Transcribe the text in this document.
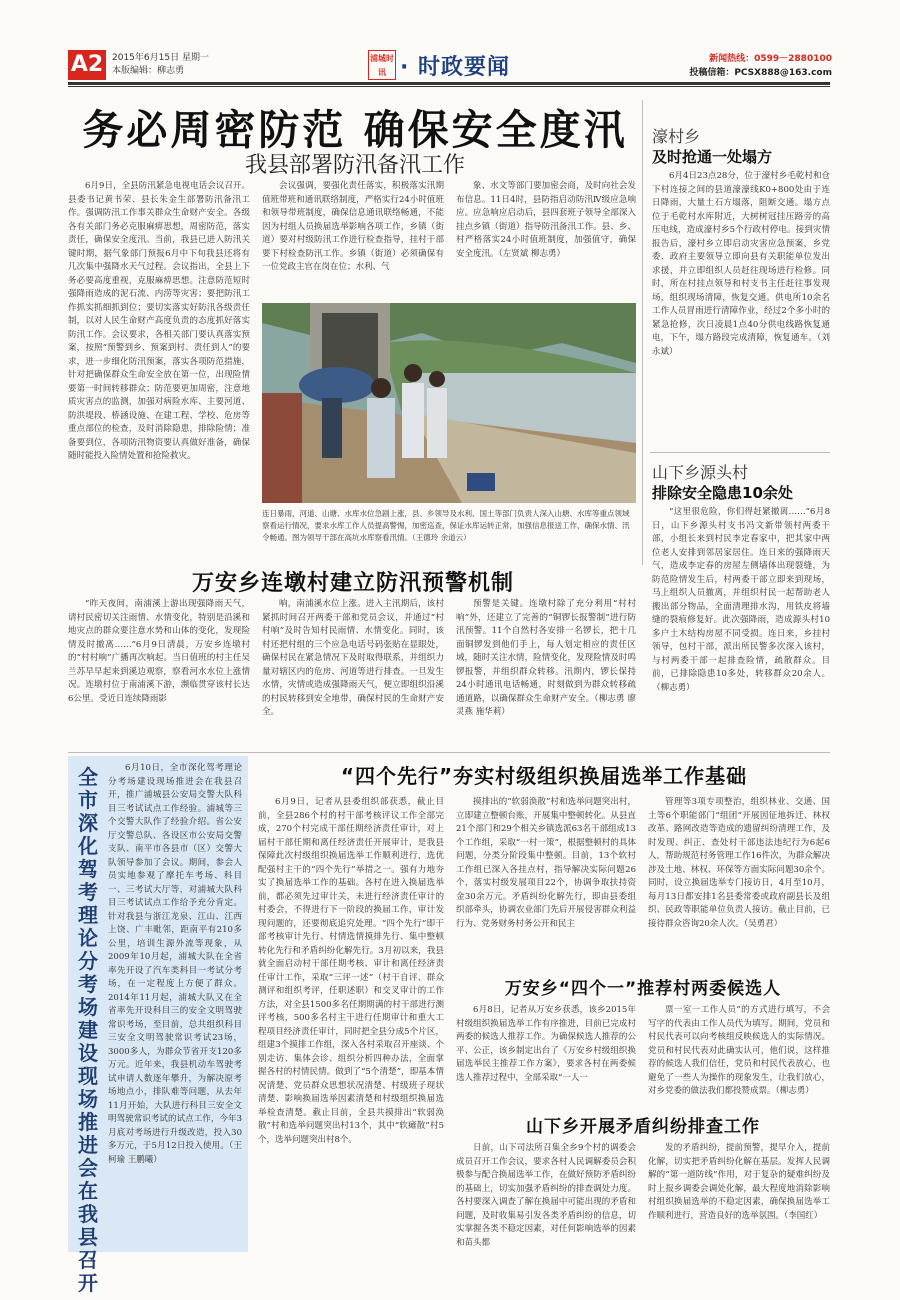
A2 2015年6月15日 星期一
本版编辑：柳志勇
浦城时讯 · 时政要闻	新闻热线：0599－2880100
投稿信箱：PCSX888@163.com
务必周密防范 确保安全度汛
我县部署防汛备汛工作
6月9日，全县防汛紧急电视电话会议召开。县委书记黄书荣、县长朱金生部署防汛备汛工作。强调防汛工作事关群众生命财产安全。各级各有关部门务必克服麻痹思想，周密防范，落实责任，确保安全度汛。当前，我县已进入防汛关键时期，据气象部门预报6月中下旬我县还将有几次集中强降水天气过程。会议指出，全县上下务必要高度重视，克服麻痹思想。注意防范短时强降雨造成的泥石流、内涝等灾害；要把防汛工作抓实抓细抓到位；要切实落实好防汛各级责任制，以对人民生命财产高度负责的态度抓好落实防汛工作。会议要求，各相关部门要认真落实预案，按照“预警到乡、预案到村、责任到人”的要求，进一步细化防汛预案，落实各项防范措施，针对把确保群众生命安全放在第一位，出现险情要第一时间转移群众；防范要更加周密，注意地质灾害点的监测，加强对病险水库、主要河道、防洪堤段、桥涵设施、在建工程、学校、危房等重点部位的检查，及时消除隐患，排除险情；准备要到位，各项防汛物资要认真做好准备，确保随时能投入险情处置和抢险救灾。
会议强调，要强化责任落实，积极落实汛期值班带班和通讯联络制度，严格实行24小时值班和领导带班制度，确保信息通讯联络畅通，不能因为村组人员换届选举影响各项工作，乡镇（街道）要对村级防汛工作进行检查指导，挂村干部要下村检查防汛工作。乡镇（街道）必须确保有一位党政主官在岗在位；水利、气
象、水文等部门要加密会商，及时向社会发布信息。11日4时，县防指启动防汛Ⅳ级应急响应。应急响应启动后，县四套班子领导全部深入挂点乡镇（街道）指导防汛备汛工作。县、乡、村严格落实24小时值班制度，加强值守，确保安全度汛。（左贤斌 柳志勇）
连日暴雨，河道、山塘、水库水位急剧上涨，县、乡领导及水利、国土等部门负责人深入山塘、水库等重点领域察看运行情况，要求水库工作人员提高警惕，加密巡查，保证水库运转正常，加强信息报送工作，确保水情、汛令畅通。图为领导干部在高坑水库察看汛情。（王德玲 余道云）
濠村乡
及时抢通一处塌方
6月4日23点28分，位于濠村乡毛乾村和仓下村连接之间的县道濠濠线K0+800处由于连日降雨，大量土石方塌落，阻断交通。塌方点位于毛乾村水库附近，大树树冠挂压路旁的高压电线，造成濠村乡5个行政村停电。接到灾情报告后，濠村乡立即启动灾害应急预案，乡党委、政府主要领导立即向县有关职能单位发出求援，并立即组织人员赶往现场进行检修。同时，所在村挂点领导和村支书主任赶往事发现场，组织现场清障，恢复交通。供电所10余名工作人员冒雨进行清障作业，经过2个多小时的紧急抢修，次日凌晨1点40分供电线路恢复通电，下午，塌方路段完成清障，恢复通车。（刘永斌）
山下乡源头村
排除安全隐患10余处
“这里很危险，你们得赶紧撤离……”6月8日，山下乡源头村支书冯文新带领村两委干部，小组长来到村民李定春家中，把其家中两位老人安排到邻居家居住。连日来的强降雨天气，造成李定春的房屋左侧墙体出现裂缝，为防范险情发生后，村两委干部立即来到现场，马上组织人员撤离，并组织村民一起帮助老人搬出部分物品，全面清理排水沟，用铁皮将墙缝的裂痕修复好。此次强降雨，造成源头村10多户土木结构房屋不同受损。连日来，乡挂村领导，包村干部，派出所民警多次深入该村，与村两委干部一起排查险情，疏散群众。目前，已排除隐患10多处，转移群众20余人。（柳志勇）
万安乡连墩村建立防汛预警机制
“昨天夜间，南浦溪上游出现强降雨天气，请村民密切关注雨情、水情变化，特别是沿溪和地灾点的群众要注意水势和山体的变化，发现险情及时撤离……”6月9日清晨，万安乡连墩村的“村村响”广播再次响起。当日值班的村主任吴兰苏早早起来到溪边观察，察看河水水位上涨情况。连墩村位于南浦溪下游，濒临贯穿该村长达6公里。受近日连续降雨影
响，南浦溪水位上涨。进入主汛期后，该村紧抓时间召开两委干部和党员会议，并通过“村村响”及时告知村民雨情、水情变化。同时，该村还把村组的三个应急电话号码张贴在显眼处，确保村民在紧急情况下及时取得联系，并组织力量对辖区内的危房、河道等进行排查。一旦发生水情，灾情或造成强降雨天气，便立即组织沿溪的村民转移到安全地带，确保村民的生命财产安全。
预警是关键。连墩村除了充分利用“村村响”外，还建立了完善的“铜锣长报警制”进行防汛预警。11个自然村各安排一名锣长，把十几面铜锣发到他们手上，每人划定相应的责任区域，随时关注水情，险情变化，发现险情及时鸣锣报警，并组织群众转移。汛期内，锣长保持24小时通讯电话畅通，时刻做到为群众转移疏通道路，以确保群众生命财产安全。（柳志勇 廖灵燕 施华莉）
全市深化驾考理论分考场建设现场推进会在我县召开
6月10日，全市深化驾考理论分考场建设现场推进会在我县召开，推广浦城县公安局交警大队科目三考试试点工作经验。浦城等三个交警大队作了经验介绍。省公安厅交警总队、各设区市公安局交警支队、南平市各县市（区）交警大队领导参加了会议。期间，参会人员实地参观了摩托车考场、科目一、三考试大厅等，对浦城大队科目三考试试点工作给予充分肯定。针对我县与浙江龙泉、江山、江西上饶、广丰毗邻，距南平有210多公里，培训生源外流等现象，从2009年10月起，浦城大队在全省率先开设了汽车类科目一考试分考场，在一定程度上方便了群众。2014年11月起，浦城大队又在全省率先开设科目三的安全文明驾驶常识考场，至目前，总共组织科目三安全文明驾驶常识考试23场，3000多人，为群众节省开支120多万元。近年来，我县机动车驾驶考试申请人数逐年攀升，为解决原考场地点小，排队难等问题，从去年11月开始，大队进行科目三安全文明驾驶常识考试的试点工作，今年3月底对考场进行升级改造，投入30多万元，于5月12日投入使用。（王柯瑜 王鹏曦）
“四个先行”夯实村级组织换届选举工作基础
6月9日，记者从县委组织部获悉，截止目前，全县286个村的村干部考核评议工作全部完成，270个村完成干部任期经济责任审计，对上届村干部任期和离任经济责任开展审计，是我县保障此次村级组织换届选举工作顺利进行，选优配强村主干的“四个先行”举措之一。强有力地夯实了换届选举工作的基础。各村在进入换届选举前，都必须先过审计关，未进行经济责任审计的村委会，不得进行下一阶段的换届工作，审计发现问题的，还要彻底追究处理。“四个先行”即干部考核审计先行、村情选情摸排先行、集中整顿转化先行和矛盾纠纷化解先行。3月初以来，我县就全面启动村干部任期考核、审计和离任经济责任审计工作，采取“三评一述”（村干自评、群众测评和组织考评，任职述职）和交叉审计的工作方法，对全县1500多名任期期满的村干部进行测评考核，500多名村主干进行任期审计和重大工程项目经济责任审计，同时把全县分成5个片区，组建3个摸排工作组，深入各村采取召开座谈、个别走访、集体会诊、组织分析四种办法，全面掌握各村的村情民情。做到了“5个清楚”，即基本情况清楚、党员群众思想状况清楚、村级班子现状清楚、影响换届选举因素清楚和村级组织换届选举检查清楚。截止目前，全县共摸排出“软弱涣散”村和选举问题突出村13个，其中“软瘫散”村5个，选举问题突出村8个。
摸排出的“软弱涣散”村和选举问题突出村，立即建立整顿台账，开展集中整顿转化。从县直21个部门和29个相关乡镇选派63名干部组成13个工作组，采取“一村一策”，根据整顿村的具体问题，分类分阶段集中整顿。目前，13个软村工作组已深入各挂点村，指导解决实际问题26个，落实村级发展项目22个，协调争取扶持资金30余万元。矛盾纠纷化解先行，即由县委组织部牵头，协调农业部门先后开展侵害群众利益行为、党务财务村务公开和民主
管理等3项专项整治，组织林业、交通、国土等6个职能部门“组团”开展因征地拆迁、林权改革、路网改造等造成的遗留纠纷清理工作，及时发现、纠正、查处村干部违法违纪行为6起6人，帮助规范村务管理工作16件次，为群众解决涉及土地、林权、环保等方面实际问题30余个。同时，设立换届选举专门接访日，4月至10月，每月13日都安排1名县委常委或政府副县长及组织、民政等职能单位负责人接访。截止目前，已接待群众咨询20余人次。（吴勇君）
万安乡“四个一”推荐村两委候选人
6月8日，记者从万安乡获悉，该乡2015年村级组织换届选举工作有序推进，目前已完成村两委的候选人推荐工作。为确保候选人推荐的公平、公正，该乡制定出台了《万安乡村级组织换届选举民主推荐工作方案》，要求各村在两委候选人推荐过程中，全部采取“一人一
票一室一工作人员”的方式进行填写，不会写字的代表由工作人员代为填写。期间，党员和村民代表可以向考核组反映候选人的实际情况。党员和村民代表对此确实认可，他们说，这样推荐的候选人我们信任，党员和村民代表放心，也避免了一些人为操作的现象发生，让我们放心，对乡党委的做法我们都投赞成票。（柳志勇）
山下乡开展矛盾纠纷排查工作
日前，山下司法所召集全乡9个村的调委会成员召开工作会议，要求各村人民调解委员会积极参与配合换届选举工作，在做好预防矛盾纠纷的基础上，切实加强矛盾纠纷的排查调处力度。各村要深入调查了解在换届中可能出现的矛盾和问题，及时收集易引发各类矛盾纠纷的信息，切实掌握各类不稳定因素，对任何影响选举的因素和苗头都
发的矛盾纠纷，提前预警，提早介入，提前化解，切实把矛盾纠纷化解在基层。发挥人民调解的“第一道防线”作用，对于复杂的疑难纠纷及时上报乡调委会调处化解，最大程度地消除影响村组织换届选举的不稳定因素，确保换届选举工作顺利进行，营造良好的选举氛围。（李国红）
